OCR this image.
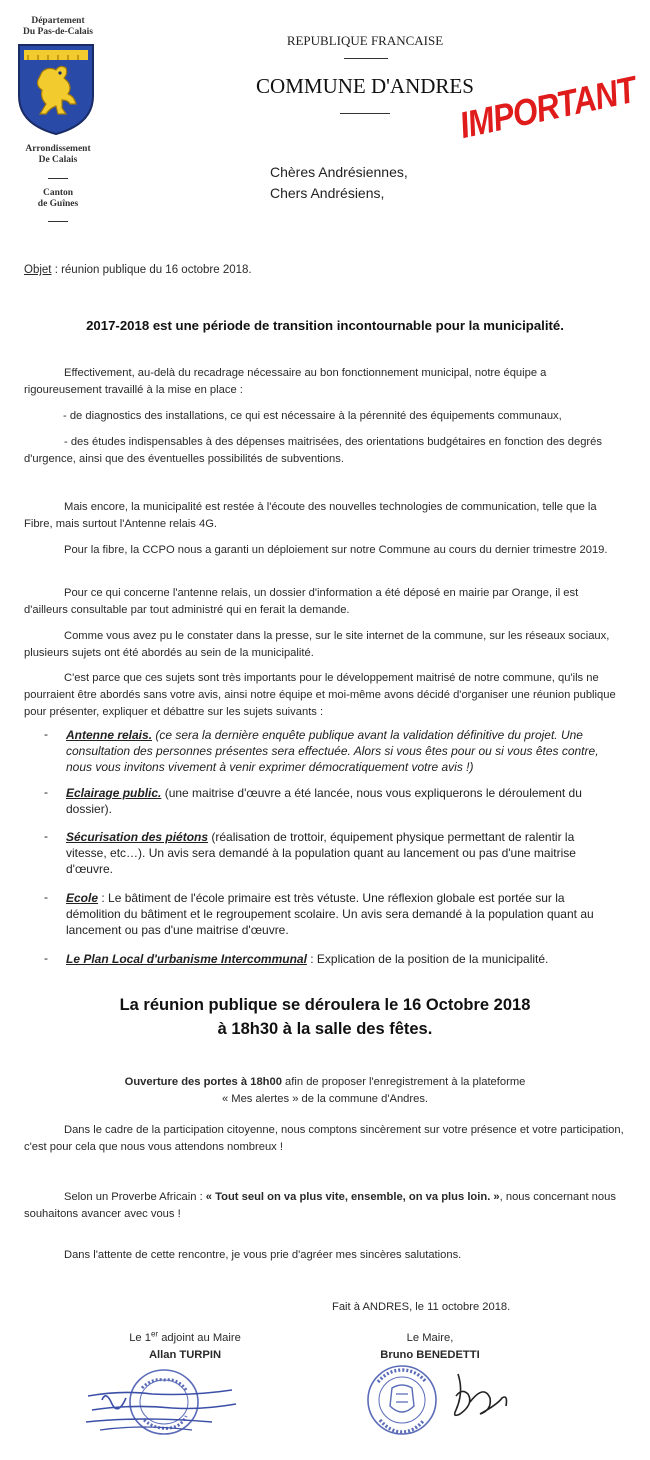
Département
Du Pas-de-Calais
Arrondissement
De Calais
Canton
de Guînes
REPUBLIQUE FRANCAISE
COMMUNE D'ANDRES
IMPORTANT
Chères Andrésiennes,
Chers Andrésiens,
Objet : réunion publique du 16 octobre 2018.
2017-2018 est une période de transition incontournable pour la municipalité.
Effectivement, au-delà du recadrage nécessaire au bon fonctionnement municipal, notre équipe a rigoureusement travaillé à la mise en place :
- de diagnostics des installations, ce qui est nécessaire à la pérennité des équipements communaux,
- des études indispensables à des dépenses maitrisées, des orientations budgétaires en fonction des degrés d'urgence, ainsi que des éventuelles possibilités de subventions.
Mais encore, la municipalité est restée à l'écoute des nouvelles technologies de communication, telle que la Fibre, mais surtout l'Antenne relais 4G.
Pour la fibre, la CCPO nous a garanti un déploiement sur notre Commune au cours du dernier trimestre 2019.
Pour ce qui concerne l'antenne relais, un dossier d'information a été déposé en mairie par Orange, il est d'ailleurs consultable par tout administré qui en ferait la demande.
Comme vous avez pu le constater dans la presse, sur le site internet de la commune, sur les réseaux sociaux, plusieurs sujets ont été abordés au sein de la municipalité.
C'est parce que ces sujets sont très importants pour le développement maitrisé de notre commune, qu'ils ne pourraient être abordés sans votre avis, ainsi notre équipe et moi-même avons décidé d'organiser une réunion publique pour présenter, expliquer et débattre sur les sujets suivants :
- Antenne relais. (ce sera la dernière enquête publique avant la validation définitive du projet. Une consultation des personnes présentes sera effectuée. Alors si vous êtes pour ou si vous êtes contre, nous vous invitons vivement à venir exprimer démocratiquement votre avis !)
- Eclairage public. (une maitrise d'œuvre a été lancée, nous vous expliquerons le déroulement du dossier).
- Sécurisation des piétons (réalisation de trottoir, équipement physique permettant de ralentir la vitesse, etc…). Un avis sera demandé à la population quant au lancement ou pas d'une maitrise d'œuvre.
- Ecole : Le bâtiment de l'école primaire est très vétuste. Une réflexion globale est portée sur la démolition du bâtiment et le regroupement scolaire. Un avis sera demandé à la population quant au lancement ou pas d'une maitrise d'œuvre.
- Le Plan Local d'urbanisme Intercommunal : Explication de la position de la municipalité.
La réunion publique se déroulera le 16 Octobre 2018
à 18h30 à la salle des fêtes.
Ouverture des portes à 18h00 afin de proposer l'enregistrement à la plateforme
« Mes alertes » de la commune d'Andres.
Dans le cadre de la participation citoyenne, nous comptons sincèrement sur votre présence et votre participation, c'est pour cela que nous vous attendons nombreux !
Selon un Proverbe Africain : « Tout seul on va plus vite, ensemble, on va plus loin. », nous concernant nous souhaitons avancer avec vous !
Dans l'attente de cette rencontre, je vous prie d'agréer mes sincères salutations.
Fait à ANDRES, le 11 octobre 2018.
Le 1er adjoint au Maire
Allan TURPIN
Le Maire,
Bruno BENEDETTI
